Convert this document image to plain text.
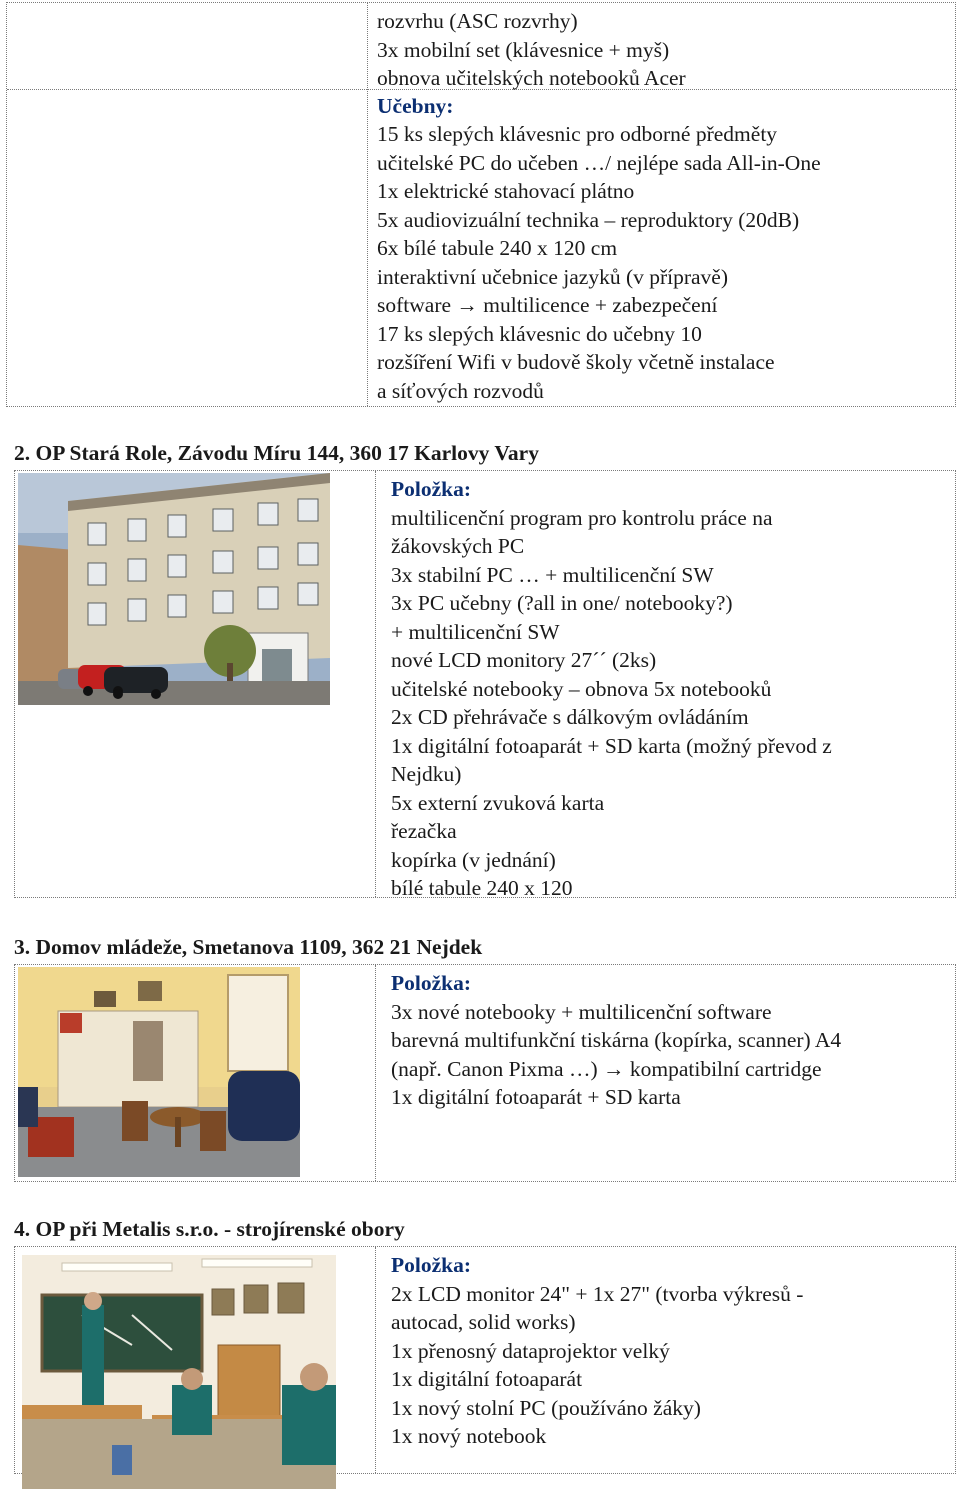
rozvrhu (ASC rozvrhy)
3x mobilní set (klávesnice + myš)
obnova učitelských notebooků Acer
Učebny:
15 ks slepých klávesnic pro odborné předměty
učitelské PC do učeben …/ nejlépe sada All-in-One
1x elektrické stahovací plátno
5x audiovizuální technika – reproduktory (20dB)
6x bílé tabule 240 x 120 cm
interaktivní učebnice jazyků (v přípravě)
software → multilicence + zabezpečení
17 ks slepých klávesnic do učebny 10
rozšíření Wifi v budově školy včetně instalace
a síťových rozvodů
2. OP Stará Role, Závodu Míru 144, 360 17 Karlovy Vary
Položka:
multilicenční program pro kontrolu práce na
žákovských PC
3x stabilní PC … + multilicenční SW
3x PC učebny (?all in one/ notebooky?)
+ multilicenční SW
nové LCD monitory 27´´ (2ks)
učitelské notebooky – obnova 5x notebooků
2x CD přehrávače s dálkovým ovládáním
1x digitální fotoaparát + SD karta (možný převod z
Nejdku)
5x externí zvuková karta
řezačka
kopírka (v jednání)
bílé tabule 240 x 120
3. Domov mládeže, Smetanova 1109, 362 21 Nejdek
Položka:
3x nové notebooky + multilicenční software
barevná multifunkční tiskárna (kopírka, scanner) A4
(např. Canon Pixma …) → kompatibilní cartridge
1x digitální fotoaparát + SD karta
4. OP při Metalis s.r.o. - strojírenské obory
Položka:
2x LCD monitor 24" + 1x 27" (tvorba výkresů -
autocad, solid works)
1x přenosný dataprojektor velký
1x digitální fotoaparát
1x nový stolní PC (používáno žáky)
1x nový notebook
